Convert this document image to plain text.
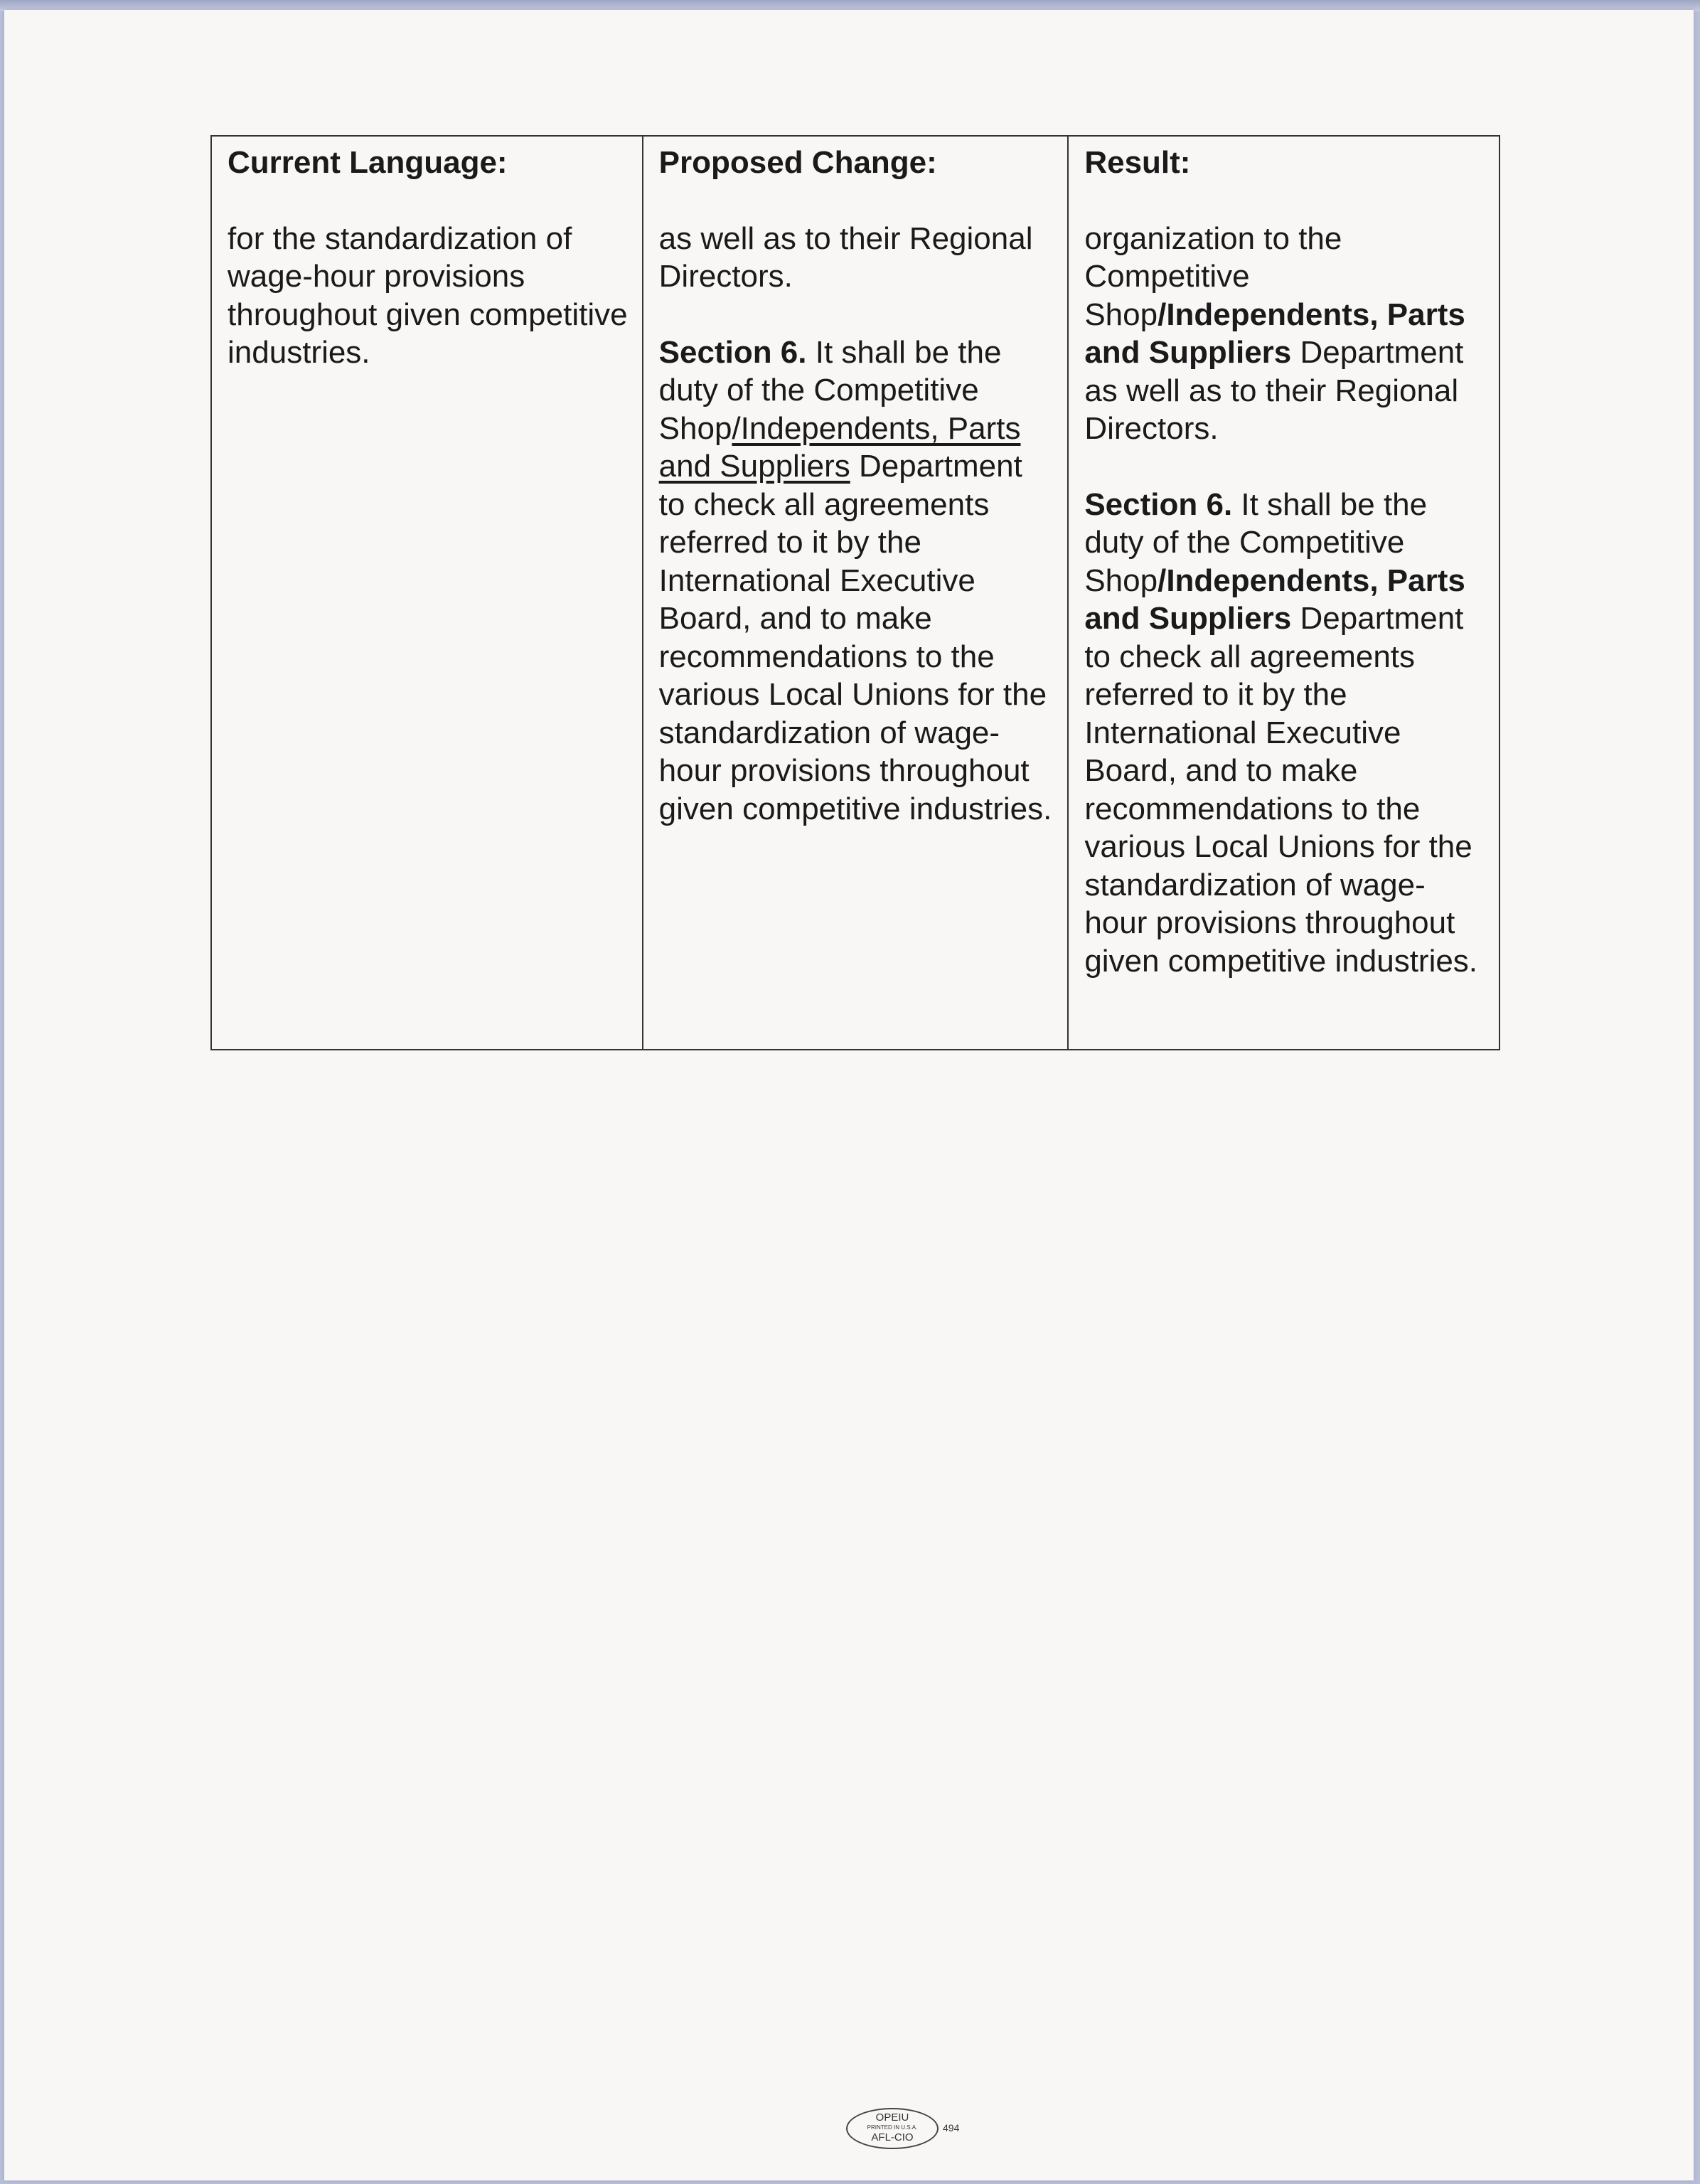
Current Language:

for the standardization of wage-hour provisions throughout given competitive industries.

Proposed Change:

as well as to their Regional Directors.

Section 6. It shall be the duty of the Competitive Shop/Independents, Parts and Suppliers Department to check all agreements referred to it by the International Executive Board, and to make recommendations to the various Local Unions for the standardization of wage-hour provisions throughout given competitive industries.

Result:

organization to the Competitive Shop/Independents, Parts and Suppliers Department as well as to their Regional Directors.

Section 6. It shall be the duty of the Competitive Shop/Independents, Parts and Suppliers Department to check all agreements referred to it by the International Executive Board, and to make recommendations to the various Local Unions for the standardization of wage-hour provisions throughout given competitive industries.

OPEIU
PRINTED IN U.S.A.
AFL-CIO
494
